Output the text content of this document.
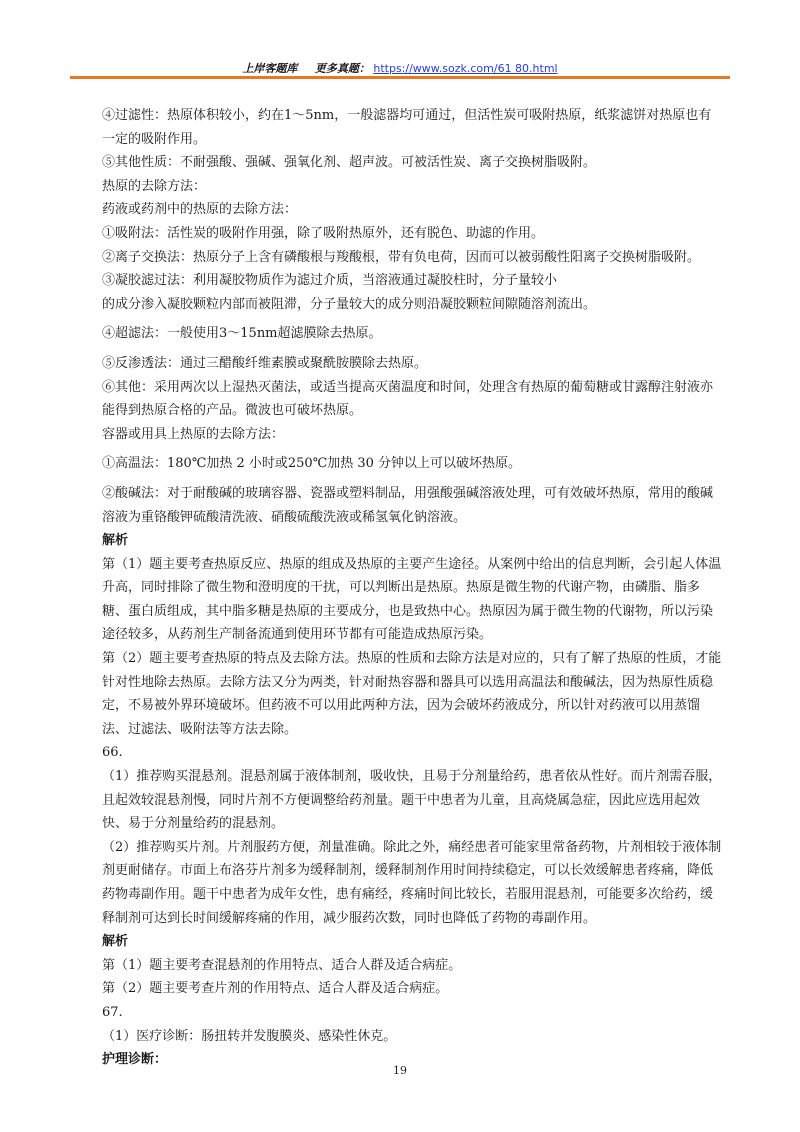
上岸客题库 更多真题： https://www.sozk.com/61 80.html

④过滤性：热原体积较小，约在1～5nm，一般滤器均可通过，但活性炭可吸附热原，纸浆滤饼对热原也有一定的吸附作用。

⑤其他性质：不耐强酸、强碱、强氧化剂、超声波。可被活性炭、离子交换树脂吸附。

热原的去除方法：

药液或药剂中的热原的去除方法：

①吸附法：活性炭的吸附作用强，除了吸附热原外，还有脱色、助滤的作用。

②离子交换法：热原分子上含有磷酸根与羧酸根，带有负电荷，因而可以被弱酸性阳离子交换树脂吸附。

③凝胶滤过法：利用凝胶物质作为滤过介质，当溶液通过凝胶柱时，分子量较小

的成分渗入凝胶颗粒内部而被阻滞，分子量较大的成分则沿凝胶颗粒间隙随溶剂流出。

④超滤法：一般使用3～15nm超滤膜除去热原。

⑤反渗透法：通过三醋酸纤维素膜或聚酰胺膜除去热原。

⑥其他：采用两次以上湿热灭菌法，或适当提高灭菌温度和时间，处理含有热原的葡萄糖或甘露醇注射液亦能得到热原合格的产品。微波也可破坏热原。

容器或用具上热原的去除方法：

①高温法：180℃加热 2 小时或250℃加热 30 分钟以上可以破坏热原。

②酸碱法：对于耐酸碱的玻璃容器、瓷器或塑料制品，用强酸强碱溶液处理，可有效破坏热原，常用的酸碱溶液为重铬酸钾硫酸清洗液、硝酸硫酸洗液或稀氢氧化钠溶液。

解析

第（1）题主要考查热原反应、热原的组成及热原的主要产生途径。从案例中给出的信息判断，会引起人体温升高，同时排除了微生物和澄明度的干扰，可以判断出是热原。热原是微生物的代谢产物，由磷脂、脂多糖、蛋白质组成，其中脂多糖是热原的主要成分，也是致热中心。热原因为属于微生物的代谢物，所以污染途径较多，从药剂生产制备流通到使用环节都有可能造成热原污染。

第（2）题主要考查热原的特点及去除方法。热原的性质和去除方法是对应的，只有了解了热原的性质，才能针对性地除去热原。去除方法又分为两类，针对耐热容器和器具可以选用高温法和酸碱法，因为热原性质稳定，不易被外界环境破坏。但药液不可以用此两种方法，因为会破坏药液成分，所以针对药液可以用蒸馏法、过滤法、吸附法等方法去除。

66.

（1）推荐购买混悬剂。混悬剂属于液体制剂，吸收快，且易于分剂量给药，患者依从性好。而片剂需吞服，且起效较混悬剂慢，同时片剂不方便调整给药剂量。题干中患者为儿童，且高烧属急症，因此应选用起效快、易于分剂量给药的混悬剂。

（2）推荐购买片剂。片剂服药方便，剂量准确。除此之外，痛经患者可能家里常备药物，片剂相较于液体制剂更耐储存。市面上布洛芬片剂多为缓释制剂，缓释制剂作用时间持续稳定，可以长效缓解患者疼痛，降低药物毒副作用。题干中患者为成年女性，患有痛经，疼痛时间比较长，若服用混悬剂，可能要多次给药，缓释制剂可达到长时间缓解疼痛的作用，减少服药次数，同时也降低了药物的毒副作用。

解析

第（1）题主要考查混悬剂的作用特点、适合人群及适合病症。

第（2）题主要考查片剂的作用特点、适合人群及适合病症。

67.

（1）医疗诊断：肠扭转并发腹膜炎、感染性休克。

护理诊断：

19
